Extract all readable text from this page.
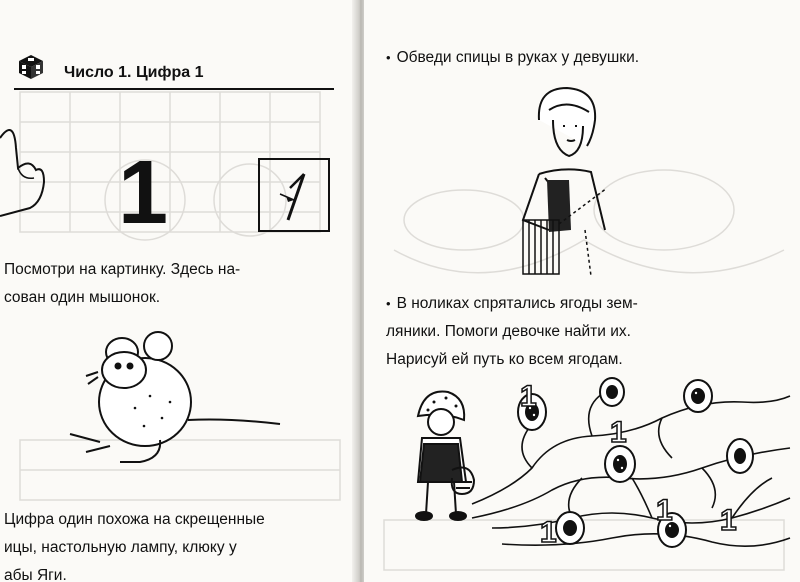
Число 1. Цифра 1
1
Посмотри на картинку. Здесь на-
сован один мышонок.
Цифра один похожа на скрещенные
ицы, настольную лампу, клюку у
абы Яги.
• Обведи спицы в руках у девушки.
• В ноликах спрятались ягоды зем-
ляники. Помоги девочке найти их.
Нарисуй ей путь ко всем ягодам.
1
1
1
1	1
